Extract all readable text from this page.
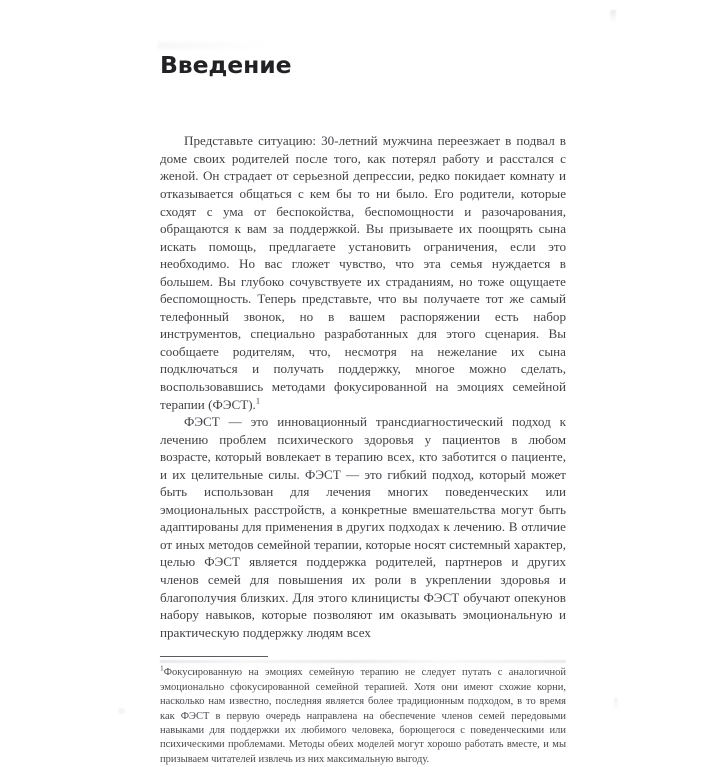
Введение

Представьте ситуацию: 30-летний мужчина переезжает в подвал в доме своих родителей после того, как потерял работу и расстался с женой. Он страдает от серьезной депрессии, редко покидает комнату и отказывается общаться с кем бы то ни было. Его родители, которые сходят с ума от беспокойства, беспомощности и разочарования, обращаются к вам за поддержкой. Вы призываете их поощрять сына искать помощь, предлагаете установить ограничения, если это необходимо. Но вас гложет чувство, что эта семья нуждается в большем. Вы глубоко сочувствуете их страданиям, но тоже ощущаете беспомощность. Теперь представьте, что вы получаете тот же самый телефонный звонок, но в вашем распоряжении есть набор инструментов, специально разработанных для этого сценария. Вы сообщаете родителям, что, несмотря на нежелание их сына подключаться и получать поддержку, многое можно сделать, воспользовавшись методами фокусированной на эмоциях семейной терапии (ФЭСТ).$^1$

ФЭСТ — это инновационный трансдиагностический подход к лечению проблем психического здоровья у пациентов в любом возрасте, который вовлекает в терапию всех, кто заботится о пациенте, и их целительные силы. ФЭСТ — это гибкий подход, который может быть использован для лечения многих поведенческих или эмоциональных расстройств, а конкретные вмешательства могут быть адаптированы для применения в других подходах к лечению. В отличие от иных методов семейной терапии, которые носят системный характер, целью ФЭСТ является поддержка родителей, партнеров и других членов семей для повышения их роли в укреплении здоровья и благополучия близких. Для этого клиницисты ФЭСТ обучают опекунов набору навыков, которые позволяют им оказывать эмоциональную и практическую поддержку людям всех

$^1$Фокусированную на эмоциях семейную терапию не следует путать с аналогичной эмоционально сфокусированной семейной терапией. Хотя они имеют схожие корни, насколько нам известно, последняя является более традиционным подходом, в то время как ФЭСТ в первую очередь направлена на обеспечение членов семей передовыми навыками для поддержки их любимого человека, борющегося с поведенческими или психическими проблемами. Методы обеих моделей могут хорошо работать вместе, и мы призываем читателей извлечь из них максимальную выгоду.
